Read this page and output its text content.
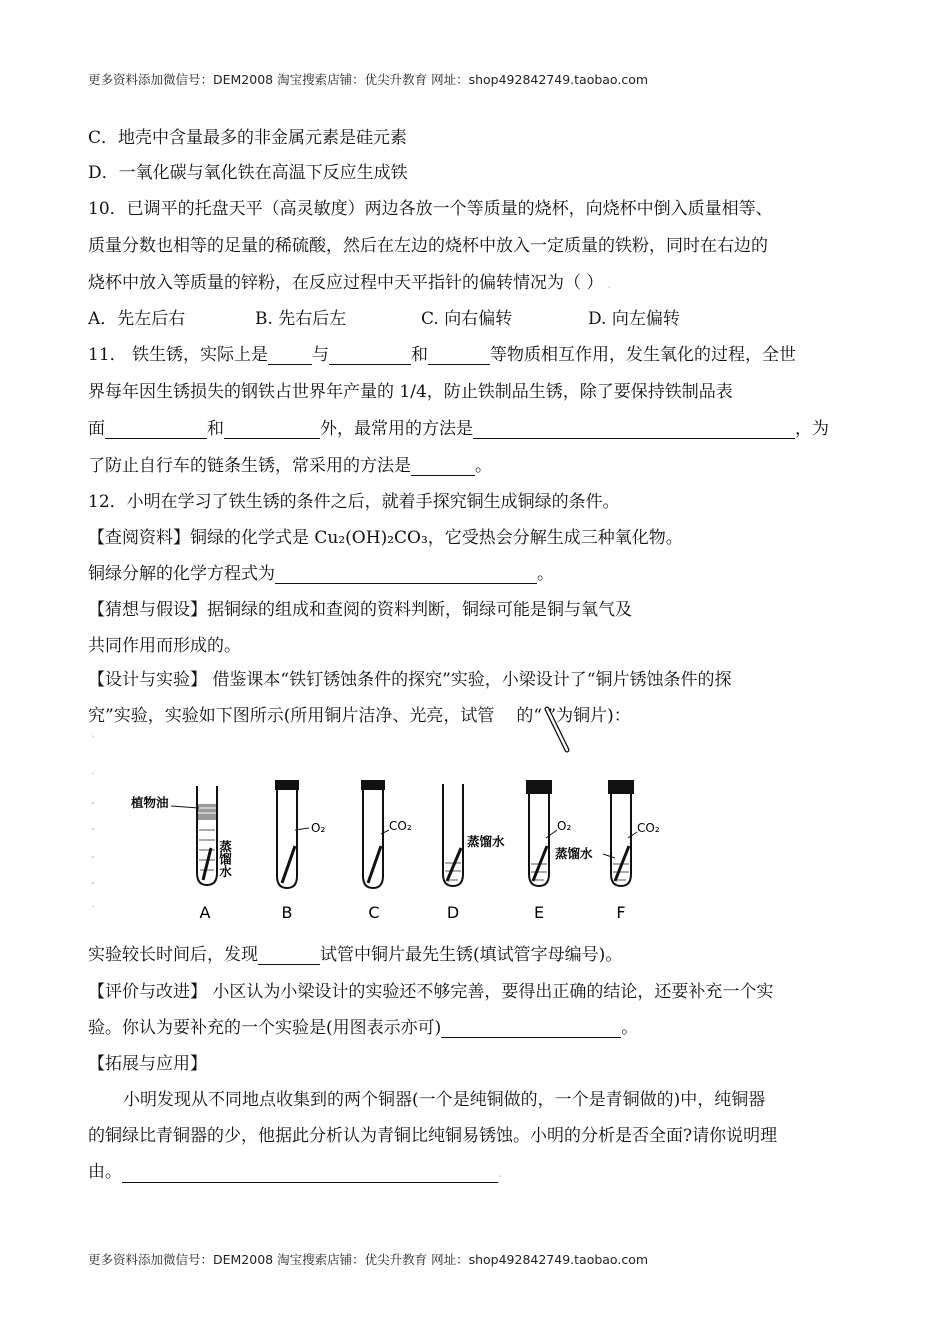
更多资料添加微信号：DEM2008 淘宝搜索店铺：优尖升教育 网址：shop492842749.taobao.com
C．地壳中含量最多的非金属元素是硅元素
D．一氧化碳与氧化铁在高温下反应生成铁
10．已调平的托盘天平（高灵敏度）两边各放一个等质量的烧杯，向烧杯中倒入质量相等、
质量分数也相等的足量的稀硫酸，然后在左边的烧杯中放入一定质量的铁粉，同时在右边的
烧杯中放入等质量的锌粉，在反应过程中天平指针的偏转情况为（ ） .
A．先左后右	B. 先右后左	C. 向右偏转	D. 向左偏转
11． 铁生锈，实际上是	与	和	等物质相互作用，发生氧化的过程，全世
界每年因生锈损失的钢铁占世界年产量的 1/4，防止铁制品生锈，除了要保持铁制品表
面	和	外，最常用的方法是	，为
了防止自行车的链条生锈，常采用的方法是	。
12．小明在学习了铁生锈的条件之后，就着手探究铜生成铜绿的条件。
【查阅资料】铜绿的化学式是 Cu₂(OH)₂CO₃，它受热会分解生成三种氧化物。
铜绿分解的化学方程式为	。
【猜想与假设】据铜绿的组成和查阅的资料判断，铜绿可能是铜与氧气及
共同作用而形成的。
【设计与实验】 借鉴课本“铁钉锈蚀条件的探究”实验，小梁设计了“铜片锈蚀条件的探
究”实验，实验如下图所示(所用铜片洁净、光亮，试管 的“ ”为铜片)：
`
.
-
-
-
-
`
植物油
蒸馏水
A
O₂
B
CO₂
C
蒸馏水
D
O₂
蒸馏水
E
CO₂
F
实验较长时间后，发现	试管中铜片最先生锈(填试管字母编号)。
【评价与改进】 小区认为小梁设计的实验还不够完善，要得出正确的结论，还要补充一个实
验。你认为要补充的一个实验是(用图表示亦可)	。
【拓展与应用】
小明发现从不同地点收集到的两个铜器(一个是纯铜做的，一个是青铜做的)中，纯铜器
的铜绿比青铜器的少，他据此分析认为青铜比纯铜易锈蚀。小明的分析是否全面?请你说明理
由。	.
更多资料添加微信号：DEM2008 淘宝搜索店铺：优尖升教育 网址：shop492842749.taobao.com
